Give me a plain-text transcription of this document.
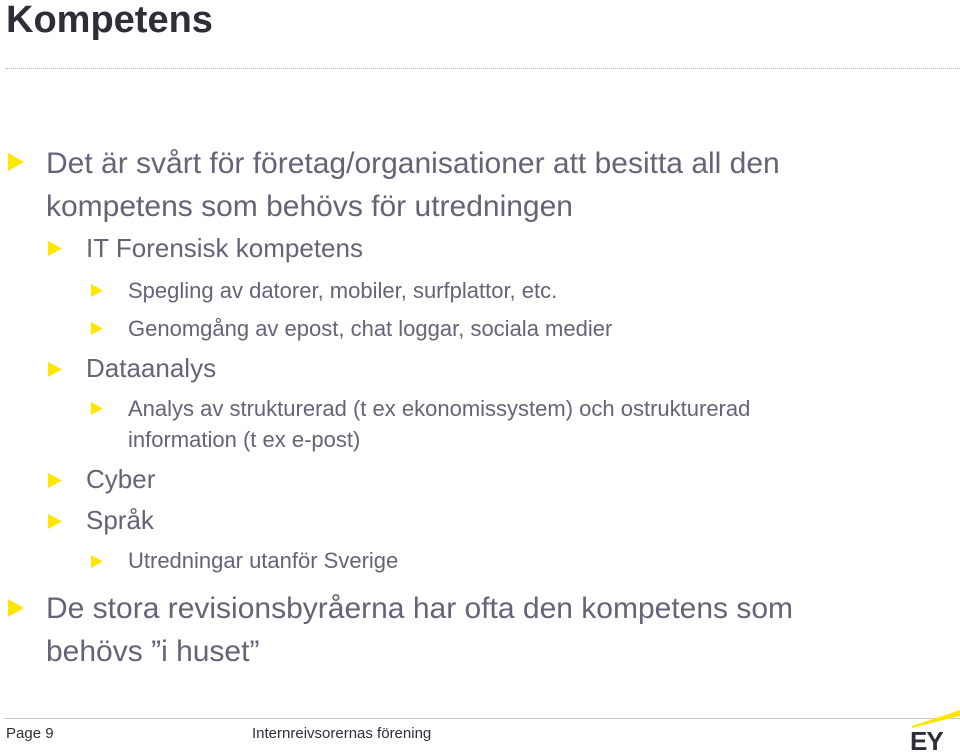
Kompetens
Det är svårt för företag/organisationer att besitta all den
kompetens som behövs för utredningen
IT Forensisk kompetens
Spegling av datorer, mobiler, surfplattor, etc.
Genomgång av epost, chat loggar, sociala medier
Dataanalys
Analys av strukturerad (t ex ekonomissystem) och ostrukturerad
information (t ex e-post)
Cyber
Språk
Utredningar utanför Sverige
De stora revisionsbyråerna har ofta den kompetens som
behövs ”i huset”
Page 9	Internreivsorernas förening	EY
